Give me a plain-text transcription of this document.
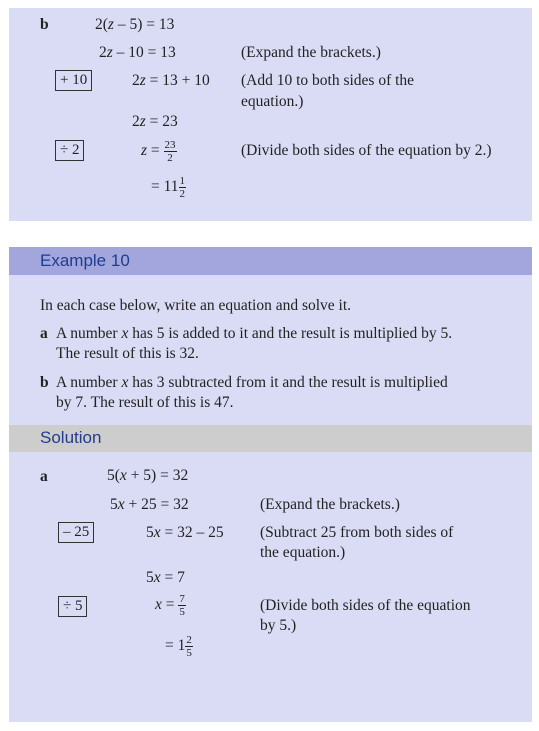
b	2(z – 5) = 13
2z – 10 = 13	(Expand the brackets.)
+ 10	2z = 13 + 10 (Add 10 to both sides of the
equation.)
2z = 23
÷ 2	$z = \frac{23}{2}$	(Divide both sides of the equation by 2.)
= $11 \frac{1}{2}$
Example 10
In each case below, write an equation and solve it.
a A number x has 5 is added to it and the result is multiplied by 5.
The result of this is 32.
b A number x has 3 subtracted from it and the result is multiplied
by 7. The result of this is 47.
Solution
a	5(x + 5) = 32
5x + 25 = 32	(Expand the brackets.)
– 25	5x = 32 – 25 (Subtract 25 from both sides of
the equation.)
5x = 7
÷ 5	$x = \frac{7}{5}$	(Divide both sides of the equation
by 5.)
= $1 \frac{2}{5}$
